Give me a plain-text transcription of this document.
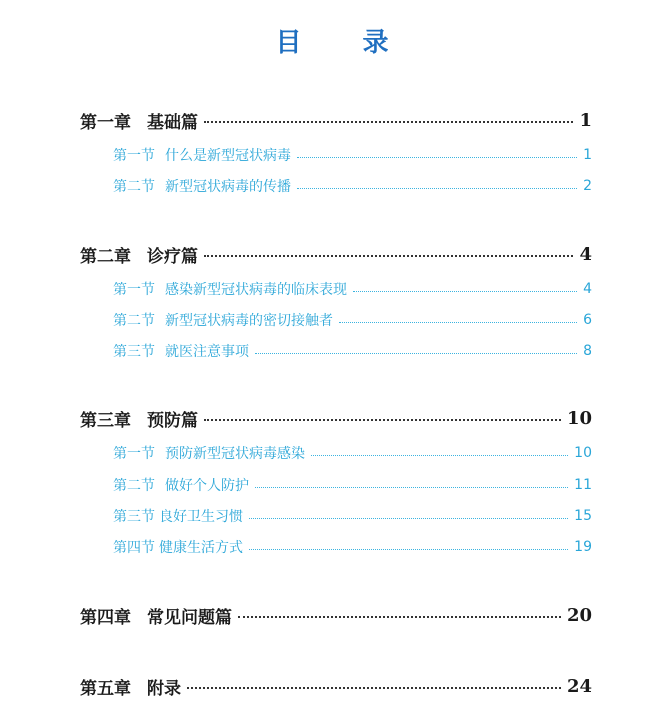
目 录
第一章 基础篇	1
第一节 什么是新型冠状病毒	1
第二节 新型冠状病毒的传播	2
第二章 诊疗篇	4
第一节 感染新型冠状病毒的临床表现	4
第二节 新型冠状病毒的密切接触者	6
第三节 就医注意事项	8
第三章 预防篇	10
第一节 预防新型冠状病毒感染	10
第二节 做好个人防护	11
第三节 良好卫生习惯	15
第四节 健康生活方式	19
第四章 常见问题篇	20
第五章 附录	24
